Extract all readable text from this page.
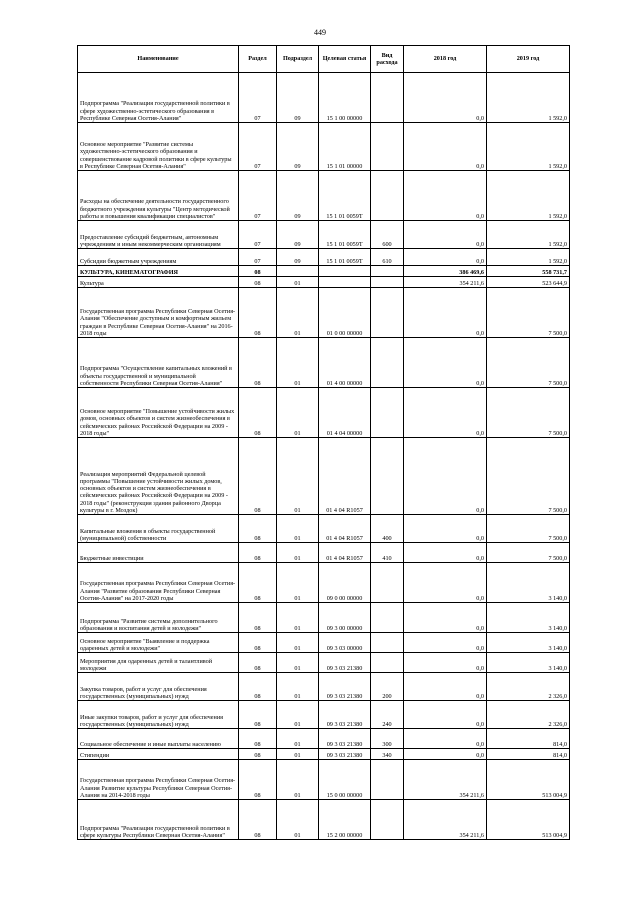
449
Наименование	Раздел	Подраздел	Целевая статья	Вид расхода	2018 год	2019 год
Подпрограмма "Реализация государственной политики в сфере художественно-эстетического образования в Республике Северная Осетия-Алания"	07	09	15 1 00 00000		0,0	1 592,0
Основное мероприятие "Развитие системы художественно-эстетического образования и совершенствование кадровой политики в сфере культуры в Республике Северная Осетия-Алания"	07	09	15 1 01 00000		0,0	1 592,0
Расходы на обеспечение деятельности государственного бюджетного учреждения культуры "Центр методической работы и повышения квалификации специалистов"	07	09	15 1 01 0059Т		0,0	1 592,0
Предоставление субсидий бюджетным, автономным учреждениям и иным некоммерческим организациям	07	09	15 1 01 0059Т	600	0,0	1 592,0
Субсидии бюджетным учреждениям	07	09	15 1 01 0059Т	610	0,0	1 592,0
КУЛЬТУРА, КИНЕМАТОГРАФИЯ	08				386 469,6	558 731,7
Культура	08	01			354 211,6	523 644,9
Государственная программа Республики Северная Осетия-Алания "Обеспечение доступным и комфортным жильем граждан в Республике Северная Осетия-Алания" на 2016-2018 годы	08	01	01 0 00 00000		0,0	7 500,0
Подпрограмма "Осуществление капитальных вложений в объекты государственной и муниципальной собственности Республики Северная Осетия-Алания"	08	01	01 4 00 00000		0,0	7 500,0
Основное мероприятие "Повышение устойчивости жилых домов, основных объектов и систем жизнеобеспечения в сейсмических районах Российской Федерации на 2009 - 2018 годы"	08	01	01 4 04 00000		0,0	7 500,0
Реализация мероприятий Федеральной целевой программы "Повышение устойчивости жилых домов, основных объектов и систем жизнеобеспечения в сейсмических районах Российской Федерации на 2009 - 2018 годы" (реконструкция здания районного Дворца культуры в г. Моздок)	08	01	01 4 04 R1057		0,0	7 500,0
Капитальные вложения в объекты государственной (муниципальной) собственности	08	01	01 4 04 R1057	400	0,0	7 500,0
Бюджетные инвестиции	08	01	01 4 04 R1057	410	0,0	7 500,0
Государственная программа Республики Северная Осетия-Алания "Развитие образования Республики Северная Осетия-Алания" на 2017-2020 годы	08	01	09 0 00 00000		0,0	3 140,0
Подпрограмма "Развитие системы дополнительного образования и воспитания детей и молодежи"	08	01	09 3 00 00000		0,0	3 140,0
Основное мероприятие "Выявление и поддержка одаренных детей и молодежи"	08	01	09 3 03 00000		0,0	3 140,0
Мероприятия для одаренных детей и талантливой молодежи	08	01	09 3 03 21380		0,0	3 140,0
Закупка товаров, работ и услуг для обеспечения государственных (муниципальных) нужд	08	01	09 3 03 21380	200	0,0	2 326,0
Иные закупки товаров, работ и услуг для обеспечения государственных (муниципальных) нужд	08	01	09 3 03 21380	240	0,0	2 326,0
Социальное обеспечение и иные выплаты населению	08	01	09 3 03 21380	300	0,0	814,0
Стипендии	08	01	09 3 03 21380	340	0,0	814,0
Государственная программа Республики Северная Осетия-Алания Развитие культуры Республики Северная Осетия-Алания на 2014-2018 годы	08	01	15 0 00 00000		354 211,6	513 004,9
Подпрограмма "Реализация государственной политики в сфере культуры Республики Северная Осетия-Алания"	08	01	15 2 00 00000		354 211,6	513 004,9
